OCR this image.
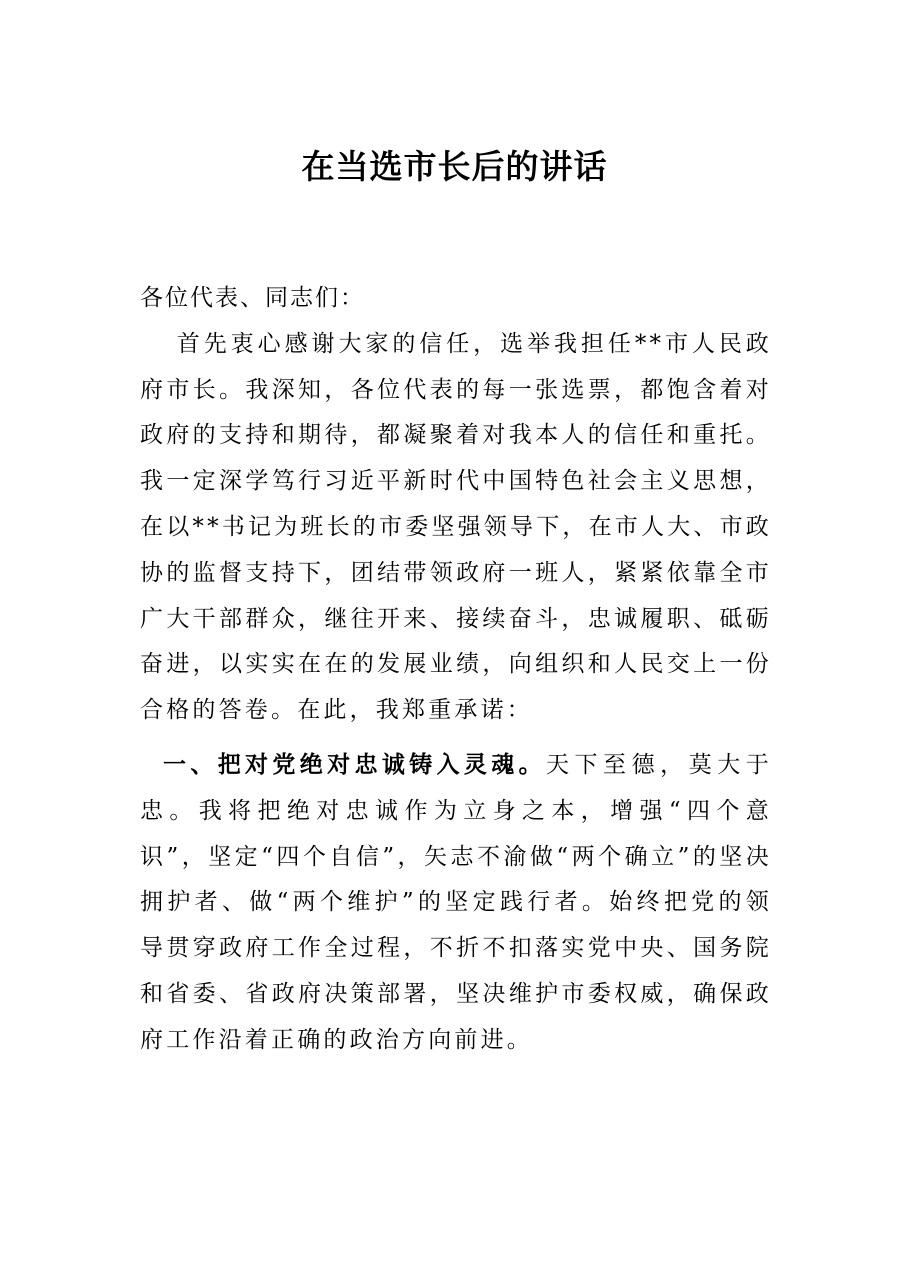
在当选市长后的讲话

各位代表、同志们：

首先衷心感谢大家的信任，选举我担任**市人民政府市长。我深知，各位代表的每一张选票，都饱含着对政府的支持和期待，都凝聚着对我本人的信任和重托。我一定深学笃行习近平新时代中国特色社会主义思想，在以**书记为班长的市委坚强领导下，在市人大、市政协的监督支持下，团结带领政府一班人，紧紧依靠全市广大干部群众，继往开来、接续奋斗，忠诚履职、砥砺奋进，以实实在在的发展业绩，向组织和人民交上一份合格的答卷。在此，我郑重承诺：

一、把对党绝对忠诚铸入灵魂。天下至德，莫大于忠。我将把绝对忠诚作为立身之本，增强“四个意识”，坚定“四个自信”，矢志不渝做“两个确立”的坚决拥护者、做“两个维护”的坚定践行者。始终把党的领导贯穿政府工作全过程，不折不扣落实党中央、国务院和省委、省政府决策部署，坚决维护市委权威，确保政府工作沿着正确的政治方向前进。
